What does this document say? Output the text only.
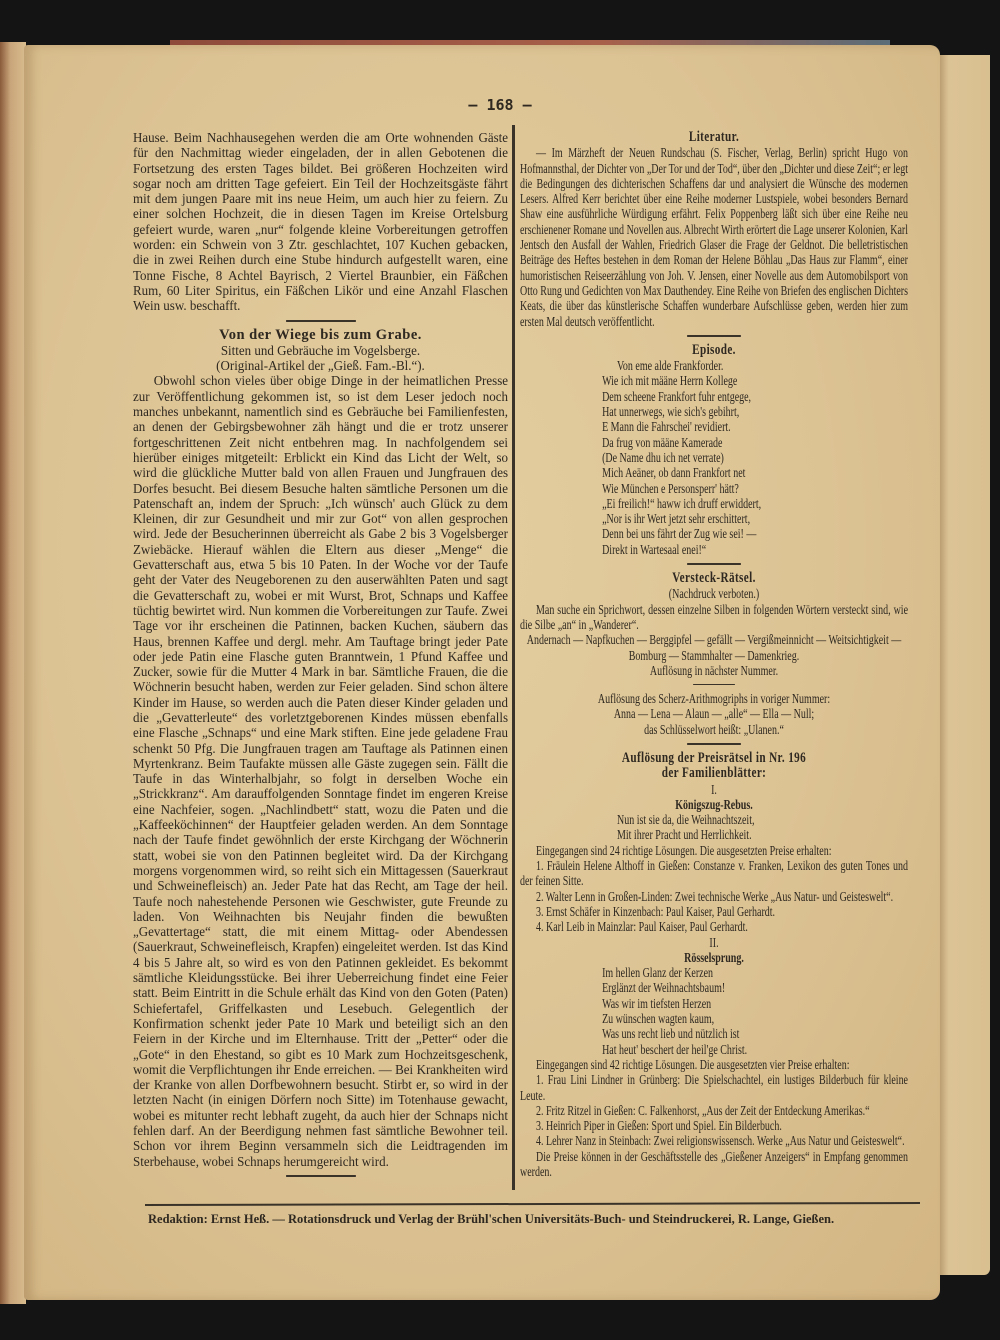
— 168 —

Hause. Beim Nachhausegehen werden die am Orte wohnenden Gäste für den Nachmittag wieder eingeladen, der in allen Gebotenen die Fortsetzung des ersten Tages bildet. Bei größeren Hochzeiten wird sogar noch am dritten Tage gefeiert. Ein Teil der Hochzeitsgäste fährt mit dem jungen Paare mit ins neue Heim, um auch hier zu feiern. Zu einer solchen Hochzeit, die in diesen Tagen im Kreise Ortelsburg gefeiert wurde, waren „nur“ folgende kleine Vorbereitungen getroffen worden: ein Schwein von 3 Ztr. geschlachtet, 107 Kuchen gebacken, die in zwei Reihen durch eine Stube hindurch aufgestellt waren, eine Tonne Fische, 8 Achtel Bayrisch, 2 Viertel Braunbier, ein Fäßchen Rum, 60 Liter Spiritus, ein Fäßchen Likör und eine Anzahl Flaschen Wein usw. beschafft.

Von der Wiege bis zum Grabe.

Sitten und Gebräuche im Vogelsberge.

(Original-Artikel der „Gieß. Fam.-Bl.“).

Obwohl schon vieles über obige Dinge in der heimatlichen Presse zur Veröffentlichung gekommen ist, so ist dem Leser jedoch noch manches unbekannt, namentlich sind es Gebräuche bei Familienfesten, an denen der Gebirgsbewohner zäh hängt und die er trotz unserer fortgeschrittenen Zeit nicht entbehren mag. In nachfolgendem sei hierüber einiges mitgeteilt: Erblickt ein Kind das Licht der Welt, so wird die glückliche Mutter bald von allen Frauen und Jungfrauen des Dorfes besucht. Bei diesem Besuche halten sämtliche Personen um die Patenschaft an, indem der Spruch: „Ich wünsch' auch Glück zu dem Kleinen, dir zur Gesundheit und mir zur Got“ von allen gesprochen wird. Jede der Besucherinnen überreicht als Gabe 2 bis 3 Vogelsberger Zwiebäcke. Hierauf wählen die Eltern aus dieser „Menge“ die Gevatterschaft aus, etwa 5 bis 10 Paten. In der Woche vor der Taufe geht der Vater des Neugeborenen zu den auserwählten Paten und sagt die Gevatterschaft zu, wobei er mit Wurst, Brot, Schnaps und Kaffee tüchtig bewirtet wird. Nun kommen die Vorbereitungen zur Taufe. Zwei Tage vor ihr erscheinen die Patinnen, backen Kuchen, säubern das Haus, brennen Kaffee und dergl. mehr. Am Tauftage bringt jeder Pate oder jede Patin eine Flasche guten Branntwein, 1 Pfund Kaffee und Zucker, sowie für die Mutter 4 Mark in bar. Sämtliche Frauen, die die Wöchnerin besucht haben, werden zur Feier geladen. Sind schon ältere Kinder im Hause, so werden auch die Paten dieser Kinder geladen und die „Gevatterleute“ des vorletztgeborenen Kindes müssen ebenfalls eine Flasche „Schnaps“ und eine Mark stiften. Eine jede geladene Frau schenkt 50 Pfg. Die Jungfrauen tragen am Tauftage als Patinnen einen Myrtenkranz. Beim Taufakte müssen alle Gäste zugegen sein. Fällt die Taufe in das Winterhalbjahr, so folgt in derselben Woche ein „Strickkranz“. Am darauffolgenden Sonntage findet im engeren Kreise eine Nachfeier, sogen. „Nachlindbett“ statt, wozu die Paten und die „Kaffeeköchinnen“ der Hauptfeier geladen werden. An dem Sonntage nach der Taufe findet gewöhnlich der erste Kirchgang der Wöchnerin statt, wobei sie von den Patinnen begleitet wird. Da der Kirchgang morgens vorgenommen wird, so reiht sich ein Mittagessen (Sauerkraut und Schweinefleisch) an. Jeder Pate hat das Recht, am Tage der heil. Taufe noch nahestehende Personen wie Geschwister, gute Freunde zu laden. Von Weihnachten bis Neujahr finden die bewußten „Gevattertage“ statt, die mit einem Mittag- oder Abendessen (Sauerkraut, Schweinefleisch, Krapfen) eingeleitet werden. Ist das Kind 4 bis 5 Jahre alt, so wird es von den Patinnen gekleidet. Es bekommt sämtliche Kleidungsstücke. Bei ihrer Ueberreichung findet eine Feier statt. Beim Eintritt in die Schule erhält das Kind von den Goten (Paten) Schiefertafel, Griffelkasten und Lesebuch. Gelegentlich der Konfirmation schenkt jeder Pate 10 Mark und beteiligt sich an den Feiern in der Kirche und im Elternhause. Tritt der „Petter“ oder die „Gote“ in den Ehestand, so gibt es 10 Mark zum Hochzeitsgeschenk, womit die Verpflichtungen ihr Ende erreichen. — Bei Krankheiten wird der Kranke von allen Dorfbewohnern besucht. Stirbt er, so wird in der letzten Nacht (in einigen Dörfern noch Sitte) im Totenhause gewacht, wobei es mitunter recht lebhaft zugeht, da auch hier der Schnaps nicht fehlen darf. An der Beerdigung nehmen fast sämtliche Bewohner teil. Schon vor ihrem Beginn versammeln sich die Leidtragenden im Sterbehause, wobei Schnaps herumgereicht wird.

Literatur.

— Im Märzheft der Neuen Rundschau (S. Fischer, Verlag, Berlin) spricht Hugo von Hofmannsthal, der Dichter von „Der Tor und der Tod“, über den „Dichter und diese Zeit“; er legt die Bedingungen des dichterischen Schaffens dar und analysiert die Wünsche des modernen Lesers. Alfred Kerr berichtet über eine Reihe moderner Lustspiele, wobei besonders Bernard Shaw eine ausführliche Würdigung erfährt. Felix Poppenberg läßt sich über eine Reihe neu erschienener Romane und Novellen aus. Albrecht Wirth erörtert die Lage unserer Kolonien, Karl Jentsch den Ausfall der Wahlen, Friedrich Glaser die Frage der Geldnot. Die belletristischen Beiträge des Heftes bestehen in dem Roman der Helene Böhlau „Das Haus zur Flamm“, einer humoristischen Reiseerzählung von Joh. V. Jensen, einer Novelle aus dem Automobilsport von Otto Rung und Gedichten von Max Dauthendey. Eine Reihe von Briefen des englischen Dichters Keats, die über das künstlerische Schaffen wunderbare Aufschlüsse geben, werden hier zum ersten Mal deutsch veröffentlicht.

Episode.

Von eme alde Frankforder.
Wie ich mit määne Herrn Kollege
Dem scheene Frankfort fuhr entgege,
Hat unnerwegs, wie sich's gebihrt,
E Mann die Fahrschei' revidiert.
Da frug von määne Kamerade
(De Name dhu ich net verrate)
Mich Aeäner, ob dann Frankfort net
Wie München e Personsperr' hätt?
„Ei freilich!“ haww ich druff erwiddert,
„Nor is ihr Wert jetzt sehr erschittert,
Denn bei uns fährt der Zug wie sei! —
Direkt in Wartesaal enei!“

Versteck-Rätsel.

(Nachdruck verboten.)

Man suche ein Sprichwort, dessen einzelne Silben in folgenden Wörtern versteckt sind, wie die Silbe „an“ in „Wanderer“.

Andernach — Napfkuchen — Berggipfel — gefällt — Vergißmeinnicht — Weitsichtigkeit — Bomburg — Stammhalter — Damenkrieg.

Auflösung in nächster Nummer.

Auflösung des Scherz-Arithmogriphs in voriger Nummer:

Anna — Lena — Alaun — „alle“ — Ella — Null;

das Schlüsselwort heißt: „Ulanen.“

Auflösung der Preisrätsel in Nr. 196

der Familienblätter:

I.

Königszug-Rebus.

Nun ist sie da, die Weihnachtszeit,
Mit ihrer Pracht und Herrlichkeit.

Eingegangen sind 24 richtige Lösungen. Die ausgesetzten Preise erhalten:

1. Fräulein Helene Althoff in Gießen: Constanze v. Franken, Lexikon des guten Tones und der feinen Sitte.

2. Walter Lenn in Großen-Linden: Zwei technische Werke „Aus Natur- und Geisteswelt“.

3. Ernst Schäfer in Kinzenbach: Paul Kaiser, Paul Gerhardt.

4. Karl Leib in Mainzlar: Paul Kaiser, Paul Gerhardt.

II.

Rösselsprung.

Im hellen Glanz der Kerzen
Erglänzt der Weihnachtsbaum!
Was wir im tiefsten Herzen
Zu wünschen wagten kaum,
Was uns recht lieb und nützlich ist
Hat heut' beschert der heil'ge Christ.

Eingegangen sind 42 richtige Lösungen. Die ausgesetzten vier Preise erhalten:

1. Frau Lini Lindner in Grünberg: Die Spielschachtel, ein lustiges Bilderbuch für kleine Leute.

2. Fritz Ritzel in Gießen: C. Falkenhorst, „Aus der Zeit der Entdeckung Amerikas.“

3. Heinrich Piper in Gießen: Sport und Spiel. Ein Bilderbuch.

4. Lehrer Nanz in Steinbach: Zwei religionswissensch. Werke „Aus Natur und Geisteswelt“.

Die Preise können in der Geschäftsstelle des „Gießener Anzeigers“ in Empfang genommen werden.

Redaktion: Ernst Heß. — Rotationsdruck und Verlag der Brühl'schen Universitäts-Buch- und Steindruckerei, R. Lange, Gießen.
